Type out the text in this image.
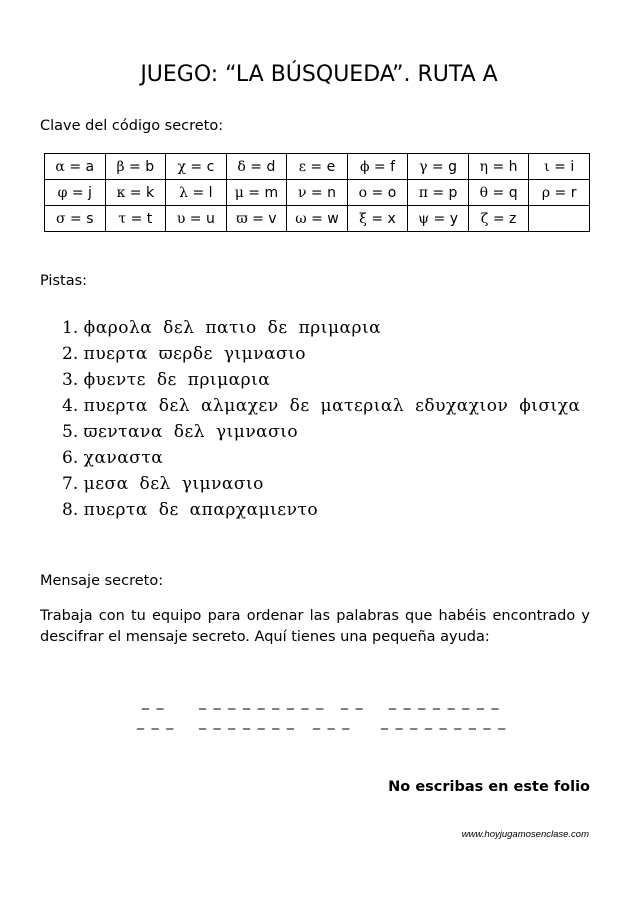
JUEGO: “LA BÚSQUEDA”. RUTA A
Clave del código secreto:
α = a	β = b	χ = c	δ = d	ε = e	ϕ = f	γ = g	η = h	ι = i
φ = j	κ = k	λ = l	μ = m	ν = n	ο = o	π = p	θ = q	ρ = r
σ = s	τ = t	υ = u	ϖ = v	ω = w	ξ = x	ψ = y	ζ = z	
Pistas:
1. ϕαρολα δελ πατιο δε πριμαρια
2. πυερτα ϖερδε γιμνασιο
3. ϕυεντε δε πριμαρια
4. πυερτα δελ αλμαχεν δε ματεριαλ εδυχαχιον ϕισιχα
5. ϖεντανα δελ γιμνασιο
6. χαναστα
7. μεσα δελ γιμνασιο
8. πυερτα δε απαρχαμιεντο
Mensaje secreto:
Trabaja con tu equipo para ordenar las palabras que habéis encontrado y descifrar el mensaje secreto. Aquí tienes una pequeña ayuda:
_ _ _ _ _ _ _ _ _ _ _ _ _ _ _ _ _ _ _ _ _
_ _ _ _ _ _ _ _ _ _ _ _ _ _ _ _ _ _ _ _ _ _
No escribas en este folio
www.hoyjugamosenclase.com
